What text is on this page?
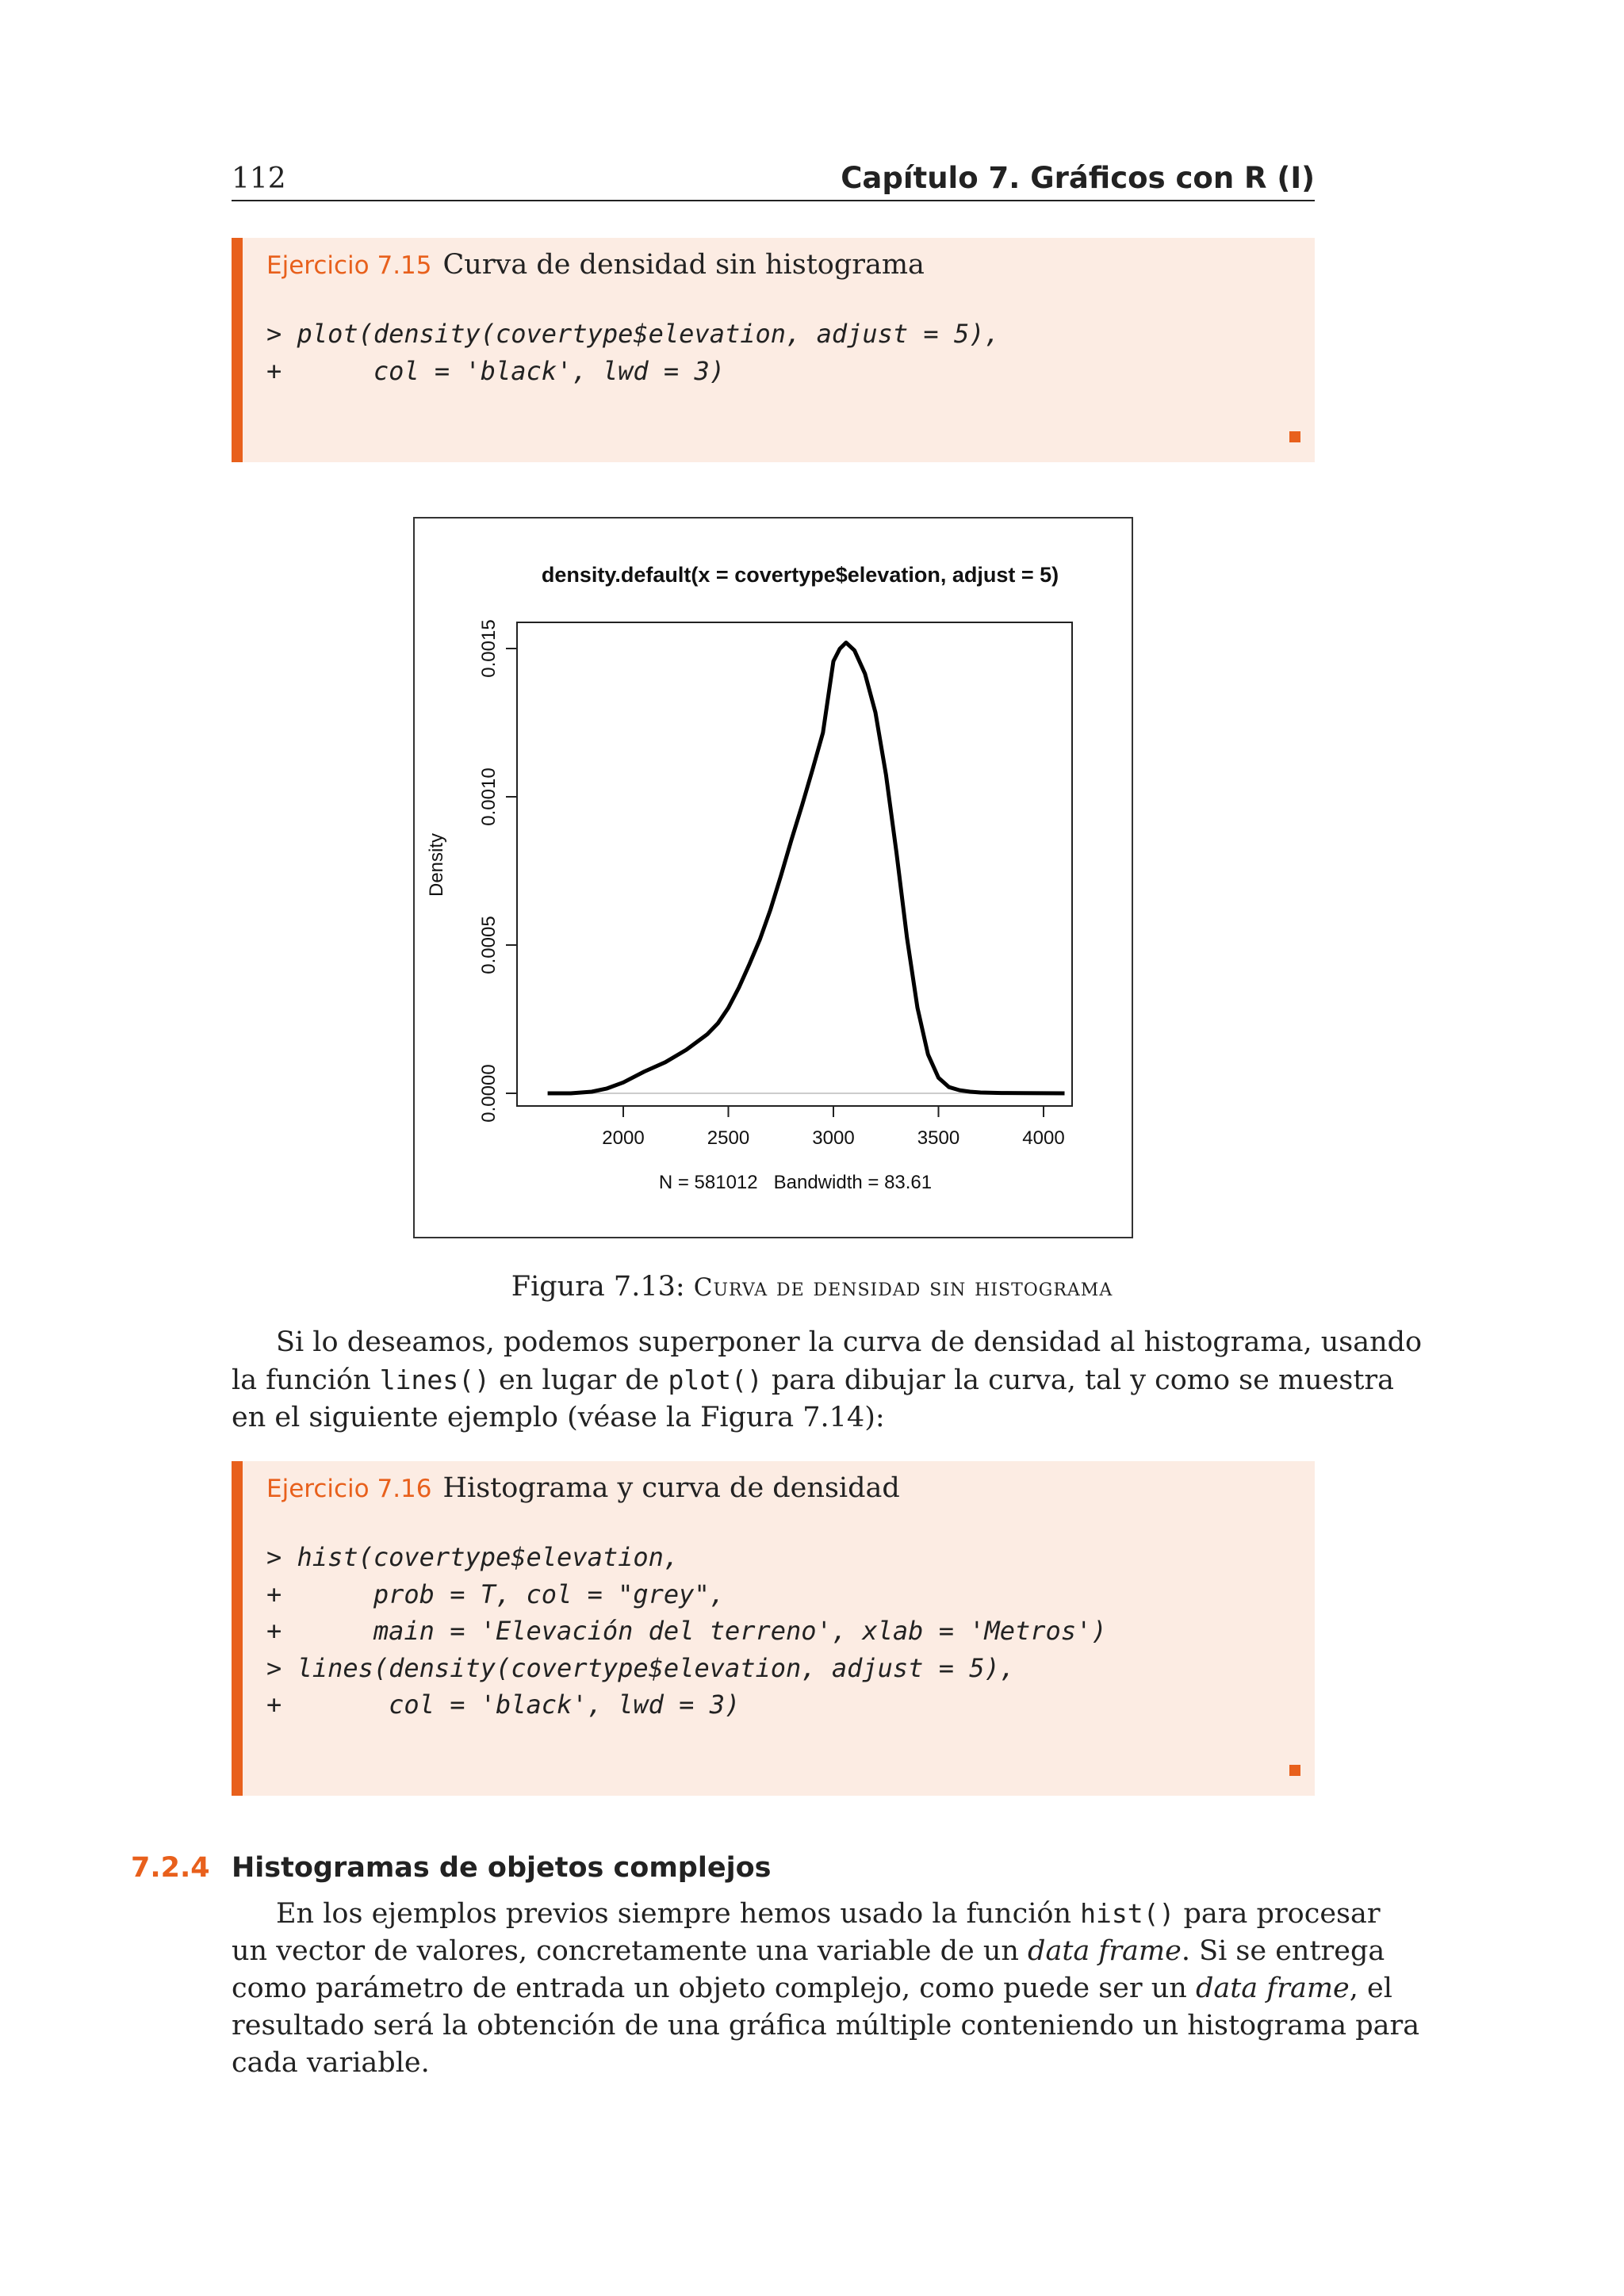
112	Capítulo 7. Gráficos con R (I)
Ejercicio 7.15 Curva de densidad sin histograma
> plot(density(covertype$elevation, adjust = 5),
+      col = 'black', lwd = 3)
density.default(x = covertype$elevation, adjust = 5)
2000	2500	3000	3500	4000
0.0000
0.0005
0.0010
0.0015
N = 581012   Bandwidth = 83.61
Density
Figura 7.13: Curva de densidad sin histograma
Si lo deseamos, podemos superponer la curva de densidad al histograma, usando
la función lines() en lugar de plot() para dibujar la curva, tal y como se muestra
en el siguiente ejemplo (véase la Figura 7.14):
Ejercicio 7.16 Histograma y curva de densidad
> hist(covertype$elevation,
+      prob = T, col = "grey",
+      main = 'Elevación del terreno', xlab = 'Metros')
> lines(density(covertype$elevation, adjust = 5),
+       col = 'black', lwd = 3)
7.2.4 Histogramas de objetos complejos
En los ejemplos previos siempre hemos usado la función hist() para procesar
un vector de valores, concretamente una variable de un data frame. Si se entrega
como parámetro de entrada un objeto complejo, como puede ser un data frame, el
resultado será la obtención de una gráfica múltiple conteniendo un histograma para
cada variable.
